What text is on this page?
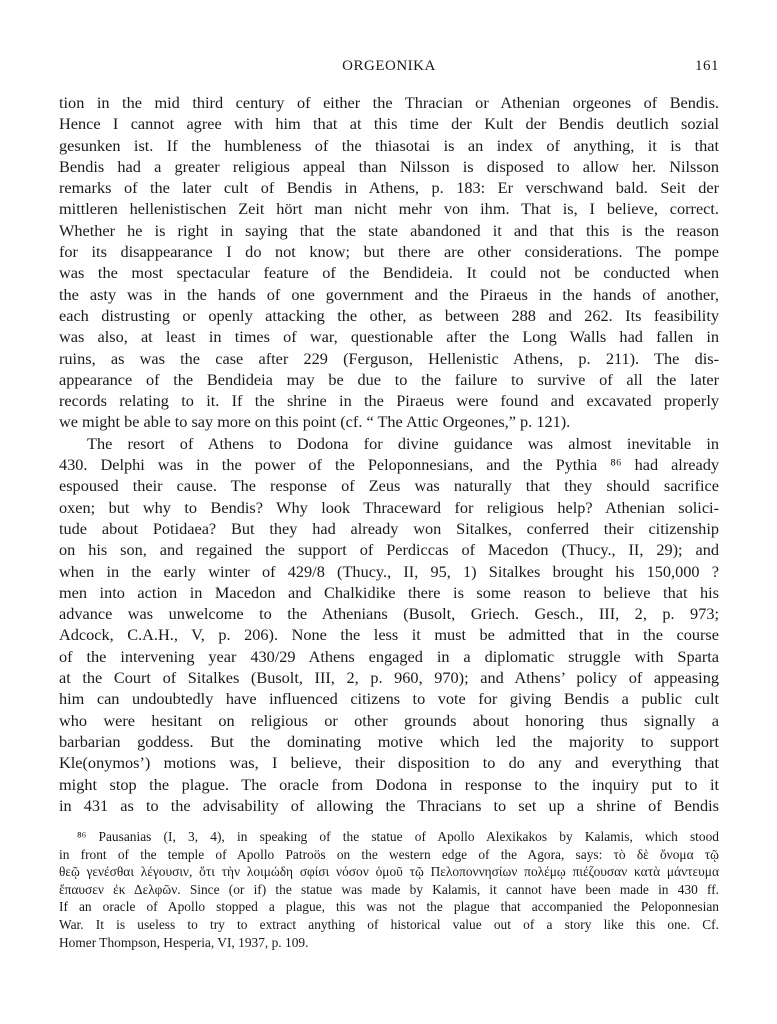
ORGEONIKA	161
tion in the mid third century of either the Thracian or Athenian orgeones of Bendis.
Hence I cannot agree with him that at this time der Kult der Bendis deutlich sozial
gesunken ist. If the humbleness of the thiasotai is an index of anything, it is that
Bendis had a greater religious appeal than Nilsson is disposed to allow her. Nilsson
remarks of the later cult of Bendis in Athens, p. 183: Er verschwand bald. Seit der
mittleren hellenistischen Zeit hört man nicht mehr von ihm. That is, I believe, correct.
Whether he is right in saying that the state abandoned it and that this is the reason
for its disappearance I do not know; but there are other considerations. The pompe
was the most spectacular feature of the Bendideia. It could not be conducted when
the asty was in the hands of one government and the Piraeus in the hands of another,
each distrusting or openly attacking the other, as between 288 and 262. Its feasibility
was also, at least in times of war, questionable after the Long Walls had fallen in
ruins, as was the case after 229 (Ferguson, Hellenistic Athens, p. 211). The dis-
appearance of the Bendideia may be due to the failure to survive of all the later
records relating to it. If the shrine in the Piraeus were found and excavated properly
we might be able to say more on this point (cf. “ The Attic Orgeones,” p. 121).
The resort of Athens to Dodona for divine guidance was almost inevitable in
430. Delphi was in the power of the Peloponnesians, and the Pythia ⁸⁶ had already
espoused their cause. The response of Zeus was naturally that they should sacrifice
oxen; but why to Bendis? Why look Thraceward for religious help? Athenian solici-
tude about Potidaea? But they had already won Sitalkes, conferred their citizenship
on his son, and regained the support of Perdiccas of Macedon (Thucy., II, 29); and
when in the early winter of 429/8 (Thucy., II, 95, 1) Sitalkes brought his 150,000 ?
men into action in Macedon and Chalkidike there is some reason to believe that his
advance was unwelcome to the Athenians (Busolt, Griech. Gesch., III, 2, p. 973;
Adcock, C.A.H., V, p. 206). None the less it must be admitted that in the course
of the intervening year 430/29 Athens engaged in a diplomatic struggle with Sparta
at the Court of Sitalkes (Busolt, III, 2, p. 960, 970); and Athens’ policy of appeasing
him can undoubtedly have influenced citizens to vote for giving Bendis a public cult
who were hesitant on religious or other grounds about honoring thus signally a
barbarian goddess. But the dominating motive which led the majority to support
Kle(onymos’) motions was, I believe, their disposition to do any and everything that
might stop the plague. The oracle from Dodona in response to the inquiry put to it
in 431 as to the advisability of allowing the Thracians to set up a shrine of Bendis
⁸⁶ Pausanias (I, 3, 4), in speaking of the statue of Apollo Alexikakos by Kalamis, which stood
in front of the temple of Apollo Patroös on the western edge of the Agora, says: τὸ δὲ ὄνομα τῷ
θεῷ γενέσθαι λέγουσιν, ὅτι τὴν λοιμώδη σφίσι νόσον ὁμοῦ τῷ Πελοποννησίων πολέμῳ πιέζουσαν κατὰ μάντευμα
ἔπαυσεν ἐκ Δελφῶν. Since (or if) the statue was made by Kalamis, it cannot have been made in 430 ff.
If an oracle of Apollo stopped a plague, this was not the plague that accompanied the Peloponnesian
War. It is useless to try to extract anything of historical value out of a story like this one. Cf.
Homer Thompson, Hesperia, VI, 1937, p. 109.
